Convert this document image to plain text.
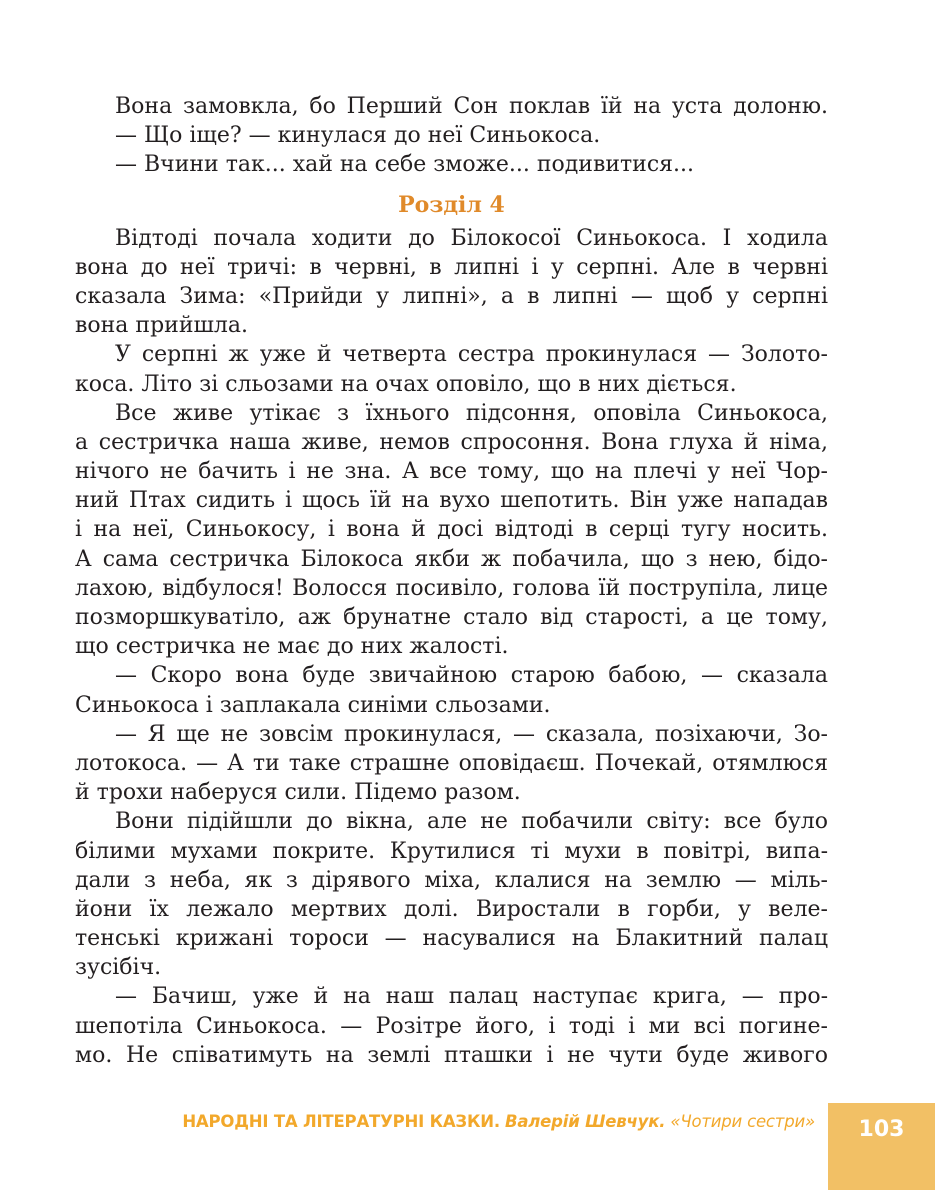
Вона замовкла, бо Перший Сон поклав їй на уста долоню.
— Що іще? — кинулася до неї Синьокоса.
— Вчини так... хай на себе зможе... подивитися...
Розділ 4
Відтоді почала ходити до Білокосої Синьокоса. І ходила
вона до неї тричі: в червні, в липні і у серпні. Але в червні
сказала Зима: «Прийди у липні», а в липні — щоб у серпні
вона прийшла.
У серпні ж уже й четверта сестра прокинулася — Золото-
коса. Літо зі сльозами на очах оповіло, що в них діється.
Все живе утікає з їхнього підсоння, оповіла Синьокоса,
а сестричка наша живе, немов спросоння. Вона глуха й німа,
нічого не бачить і не зна. А все тому, що на плечі у неї Чор-
ний Птах сидить і щось їй на вухо шепотить. Він уже нападав
і на неї, Синьокосу, і вона й досі відтоді в серці тугу носить.
А сама сестричка Білокоса якби ж побачила, що з нею, бідо-
лахою, відбулося! Волосся посивіло, голова їй пострупіла, лице
позморшкуватіло, аж брунатне стало від старості, а це тому,
що сестричка не має до них жалості.
— Скоро вона буде звичайною старою бабою, — сказала
Синьокоса і заплакала синіми сльозами.
— Я ще не зовсім прокинулася, — сказала, позіхаючи, Зо-
лотокоса. — А ти таке страшне оповідаєш. Почекай, отямлюся
й трохи наберуся сили. Підемо разом.
Вони підійшли до вікна, але не побачили світу: все було
білими мухами покрите. Крутилися ті мухи в повітрі, випа-
дали з неба, як з дірявого міха, клалися на землю — міль-
йони їх лежало мертвих долі. Виростали в горби, у веле-
тенські крижані тороси — насувалися на Блакитний палац
зусібіч.
— Бачиш, уже й на наш палац наступає крига, — про-
шепотіла Синьокоса. — Розітре його, і тоді і ми всі погине-
мо. Не співатимуть на землі пташки і не чути буде живого
НАРОДНІ ТА ЛІТЕРАТУРНІ КАЗКИ. Валерій Шевчук. «Чотири сестри» 103
